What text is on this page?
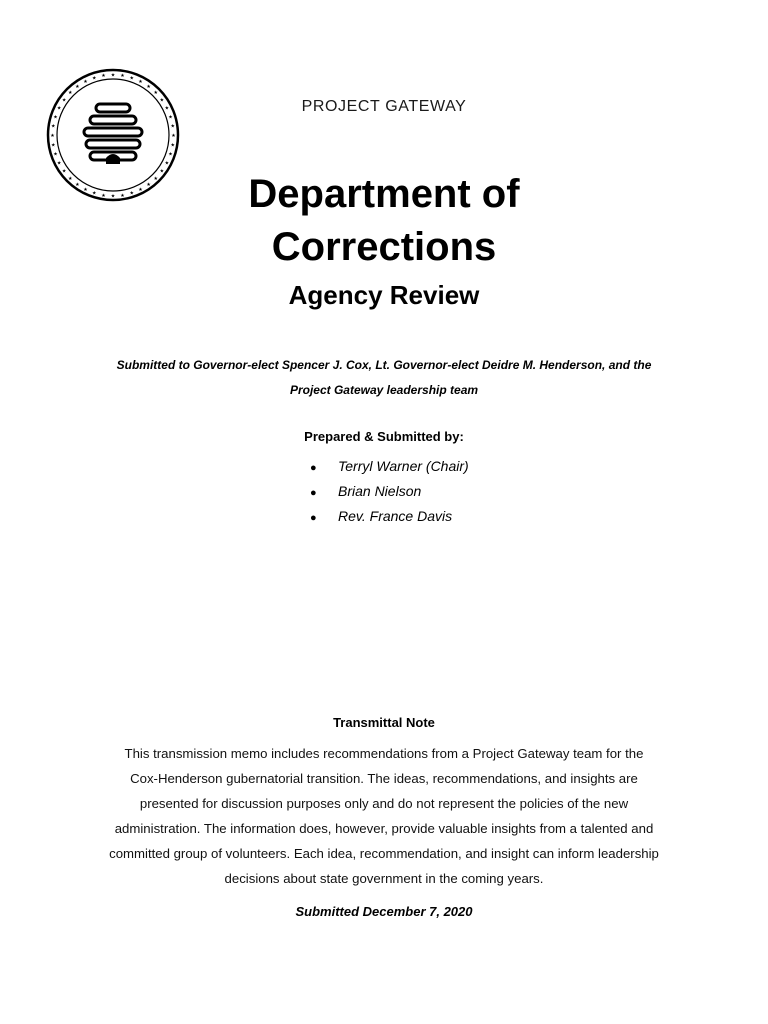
★
★
★
★
★
★
★
★
★
★
★
★
★
★
★
★
★
★
★
★
★
★
★
★
★
★
★
★
★ ★ ★ ★ ★
★
★
★
★
★
★
★
PROJECT GATEWAY
Department of
Corrections
Agency Review
Submitted to Governor-elect Spencer J. Cox, Lt. Governor-elect Deidre M. Henderson, and the
Project Gateway leadership team
Prepared & Submitted by:
● Terryl Warner (Chair)
● Brian Nielson
● Rev. France Davis
Transmittal Note
This transmission memo includes recommendations from a Project Gateway team for the
Cox-Henderson gubernatorial transition. The ideas, recommendations, and insights are
presented for discussion purposes only and do not represent the policies of the new
administration. The information does, however, provide valuable insights from a talented and
committed group of volunteers. Each idea, recommendation, and insight can inform leadership
decisions about state government in the coming years.
Submitted December 7, 2020
